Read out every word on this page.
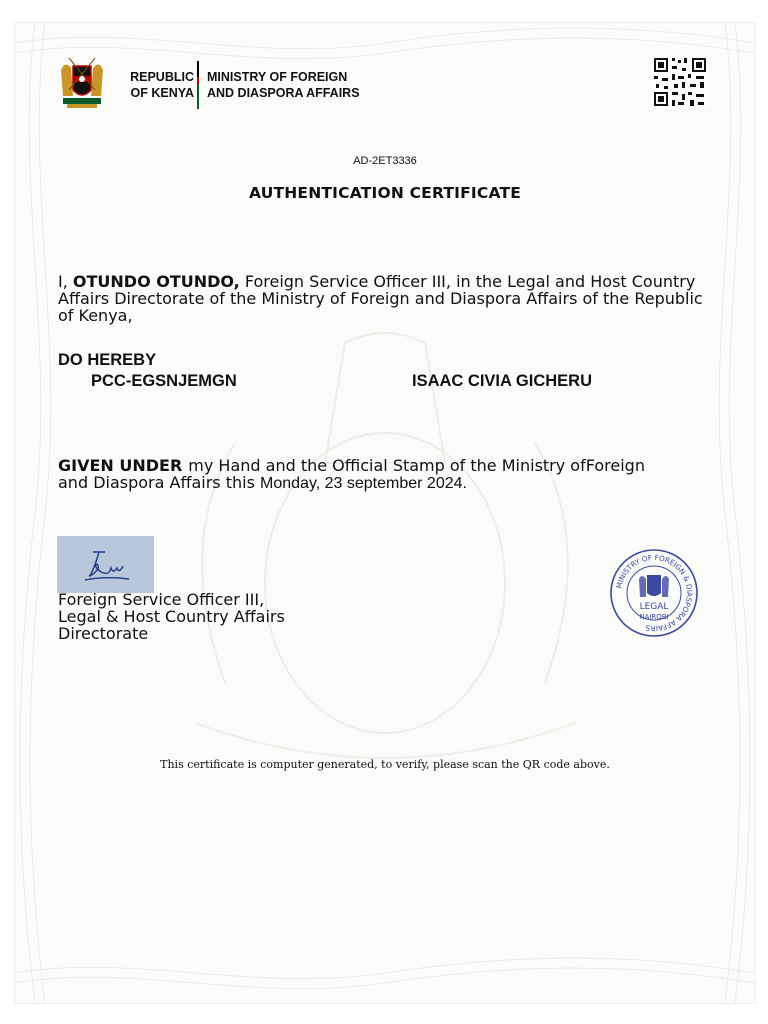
REPUBLIC
OF KENYA
MINISTRY OF FOREIGN
AND DIASPORA AFFAIRS
AD-2ET3336
AUTHENTICATION CERTIFICATE
I, OTUNDO OTUNDO, Foreign Service Officer III, in the Legal and Host Country Affairs Directorate of the Ministry of Foreign and Diaspora Affairs of the Republic of Kenya,
DO HEREBY
PCC-EGSNJEMGN	ISAAC CIVIA GICHERU
GIVEN UNDER my Hand and the Official Stamp of the Ministry ofForeign and Diaspora Affairs this Monday, 23 september 2024.
Foreign Service Officer III,
Legal & Host Country Affairs
Directorate
MINISTRY OF FOREIGN & DIASPORA AFFAIRS
LEGAL
NAIROBI
This certificate is computer generated, to verify, please scan the QR code above.
